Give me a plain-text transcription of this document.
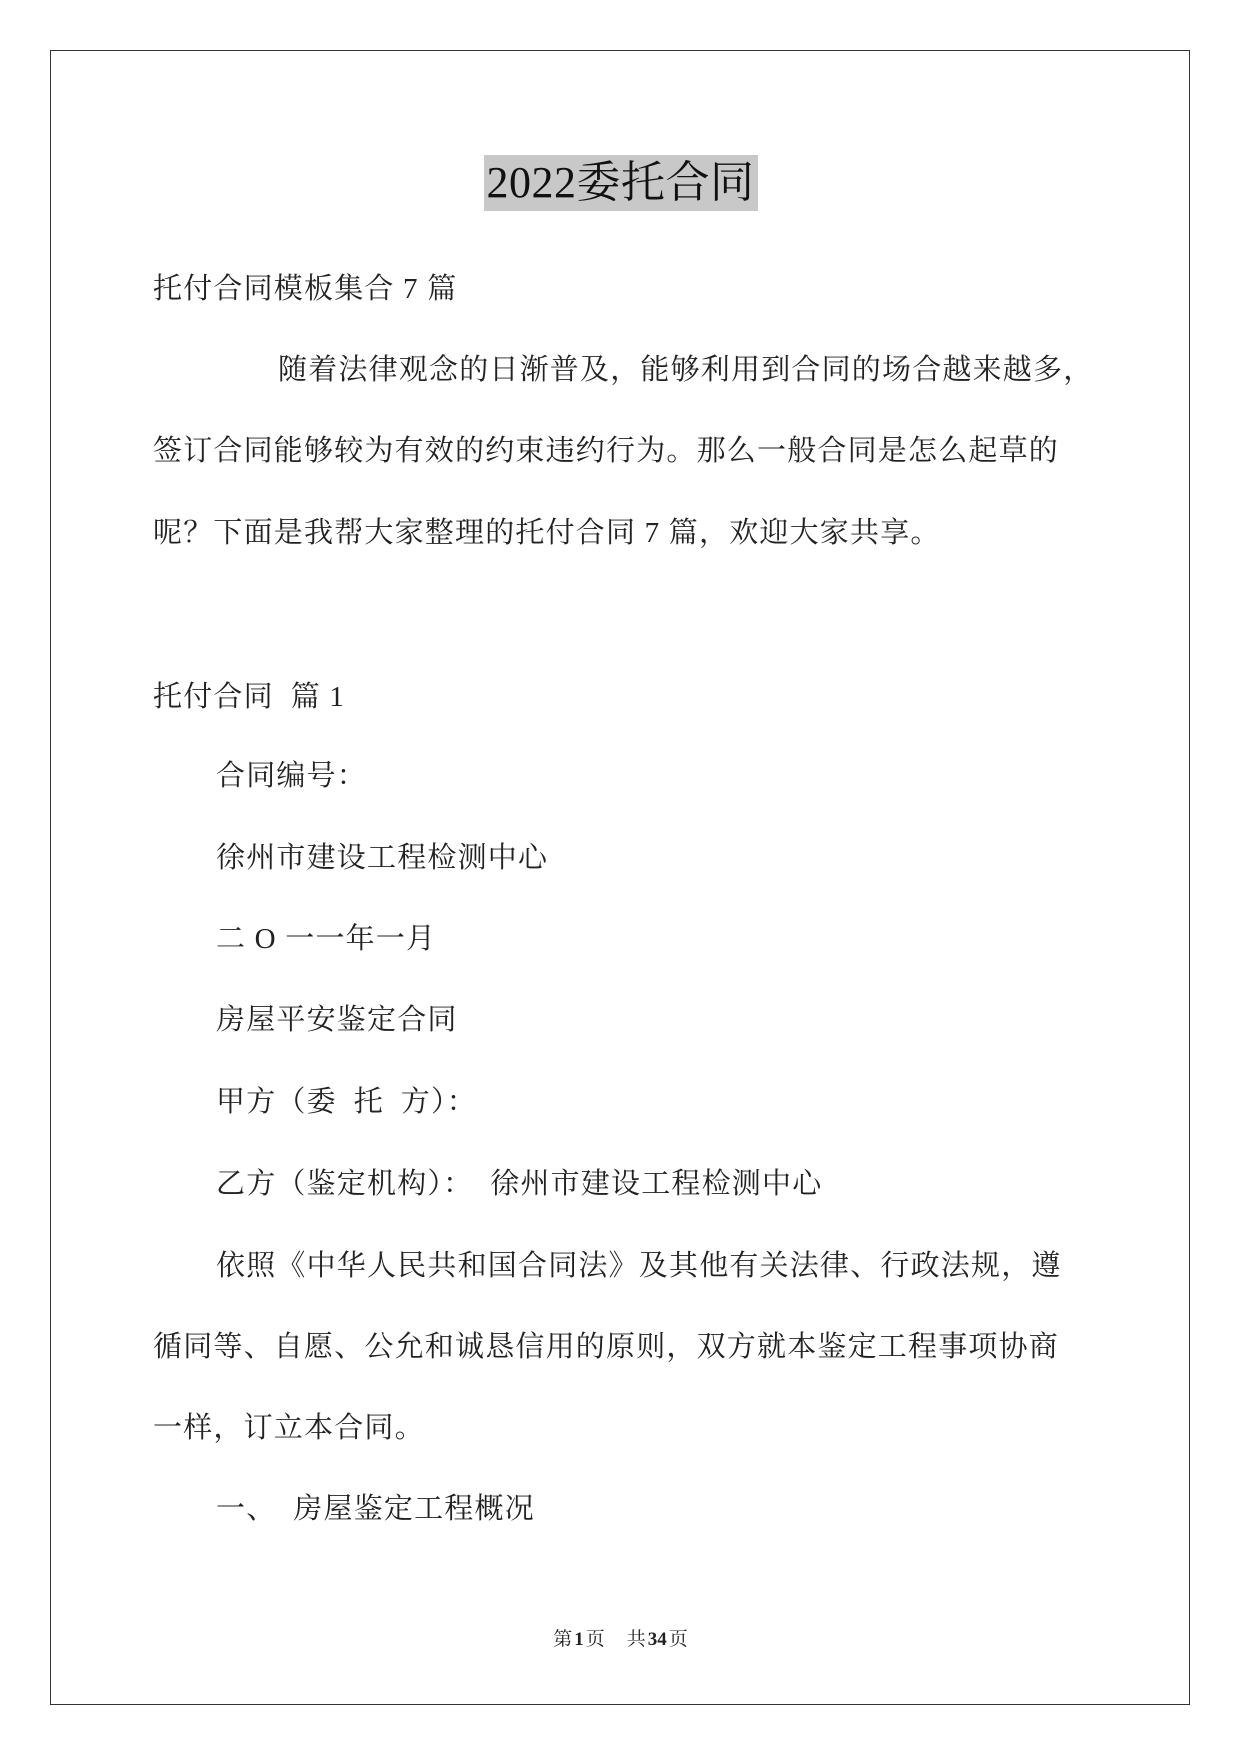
2022委托合同
托付合同模板集合 7 篇
随着法律观念的日渐普及，能够利用到合同的场合越来越多，
签订合同能够较为有效的约束违约行为。那么一般合同是怎么起草的
呢？下面是我帮大家整理的托付合同 7 篇，欢迎大家共享。
托付合同  篇 1
合同编号：
徐州市建设工程检测中心
二 O 一一年一月
房屋平安鉴定合同
甲方（委  托  方）：
乙方（鉴定机构）：  徐州市建设工程检测中心
依照《中华人民共和国合同法》及其他有关法律、行政法规，遵
循同等、自愿、公允和诚恳信用的原则，双方就本鉴定工程事项协商
一样，订立本合同。
一、  房屋鉴定工程概况
第 1 页 共 34 页
